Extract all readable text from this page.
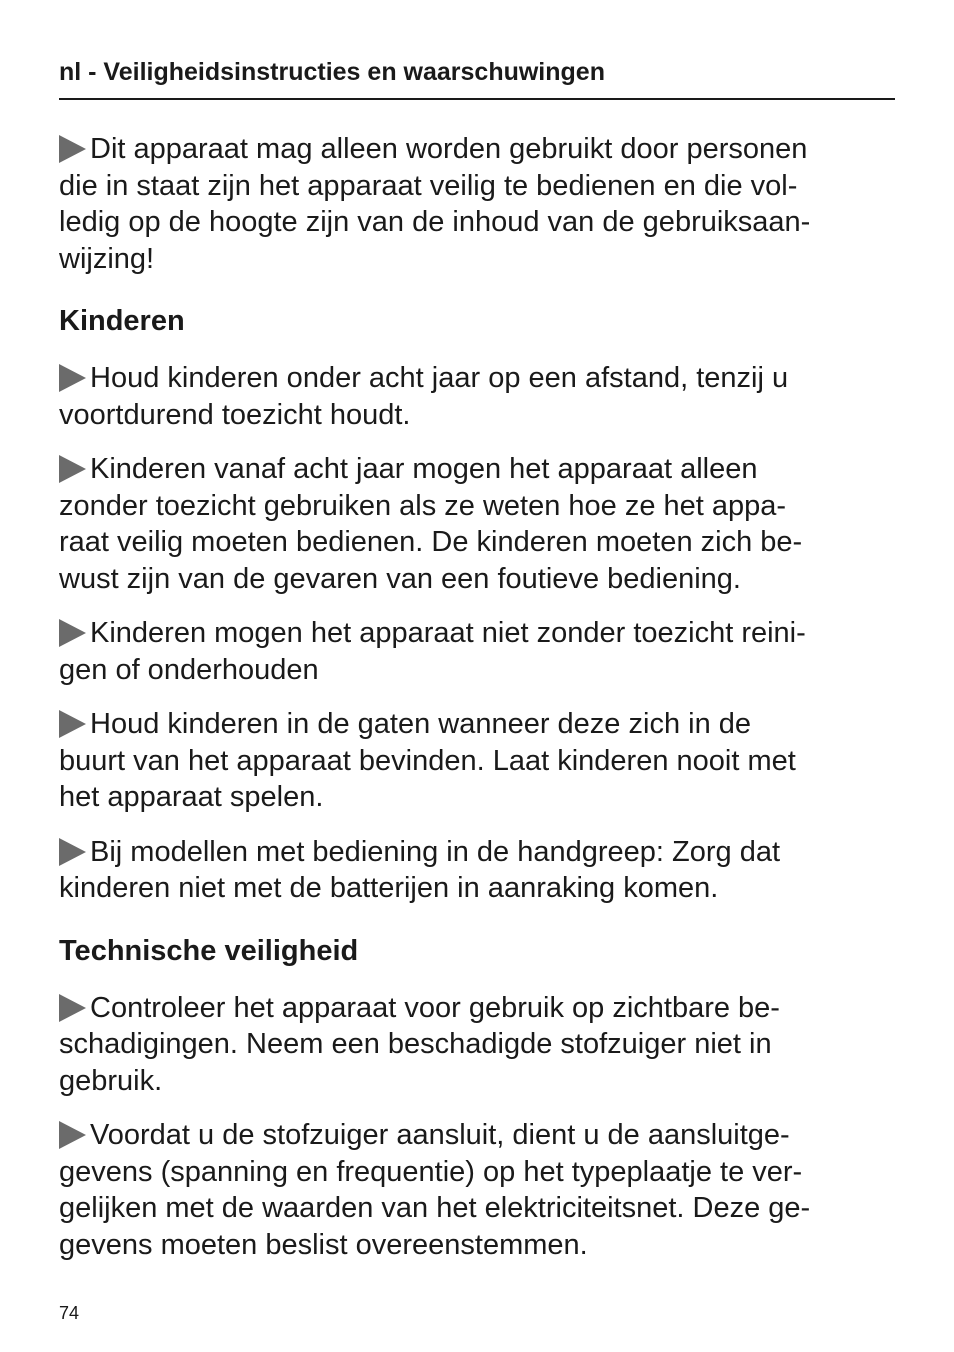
nl - Veiligheidsinstructies en waarschuwingen

Dit apparaat mag alleen worden gebruikt door personen
die in staat zijn het apparaat veilig te bedienen en die vol-
ledig op de hoogte zijn van de inhoud van de gebruiksaan-
wijzing!

Kinderen

Houd kinderen onder acht jaar op een afstand, tenzij u
voortdurend toezicht houdt.

Kinderen vanaf acht jaar mogen het apparaat alleen
zonder toezicht gebruiken als ze weten hoe ze het appa-
raat veilig moeten bedienen. De kinderen moeten zich be-
wust zijn van de gevaren van een foutieve bediening.

Kinderen mogen het apparaat niet zonder toezicht reini-
gen of onderhouden

Houd kinderen in de gaten wanneer deze zich in de
buurt van het apparaat bevinden. Laat kinderen nooit met
het apparaat spelen.

Bij modellen met bediening in de handgreep: Zorg dat
kinderen niet met de batterijen in aanraking komen.

Technische veiligheid

Controleer het apparaat voor gebruik op zichtbare be-
schadigingen. Neem een beschadigde stofzuiger niet in
gebruik.

Voordat u de stofzuiger aansluit, dient u de aansluitge-
gevens (spanning en frequentie) op het typeplaatje te ver-
gelijken met de waarden van het elektriciteitsnet. Deze ge-
gevens moeten beslist overeenstemmen.

74
